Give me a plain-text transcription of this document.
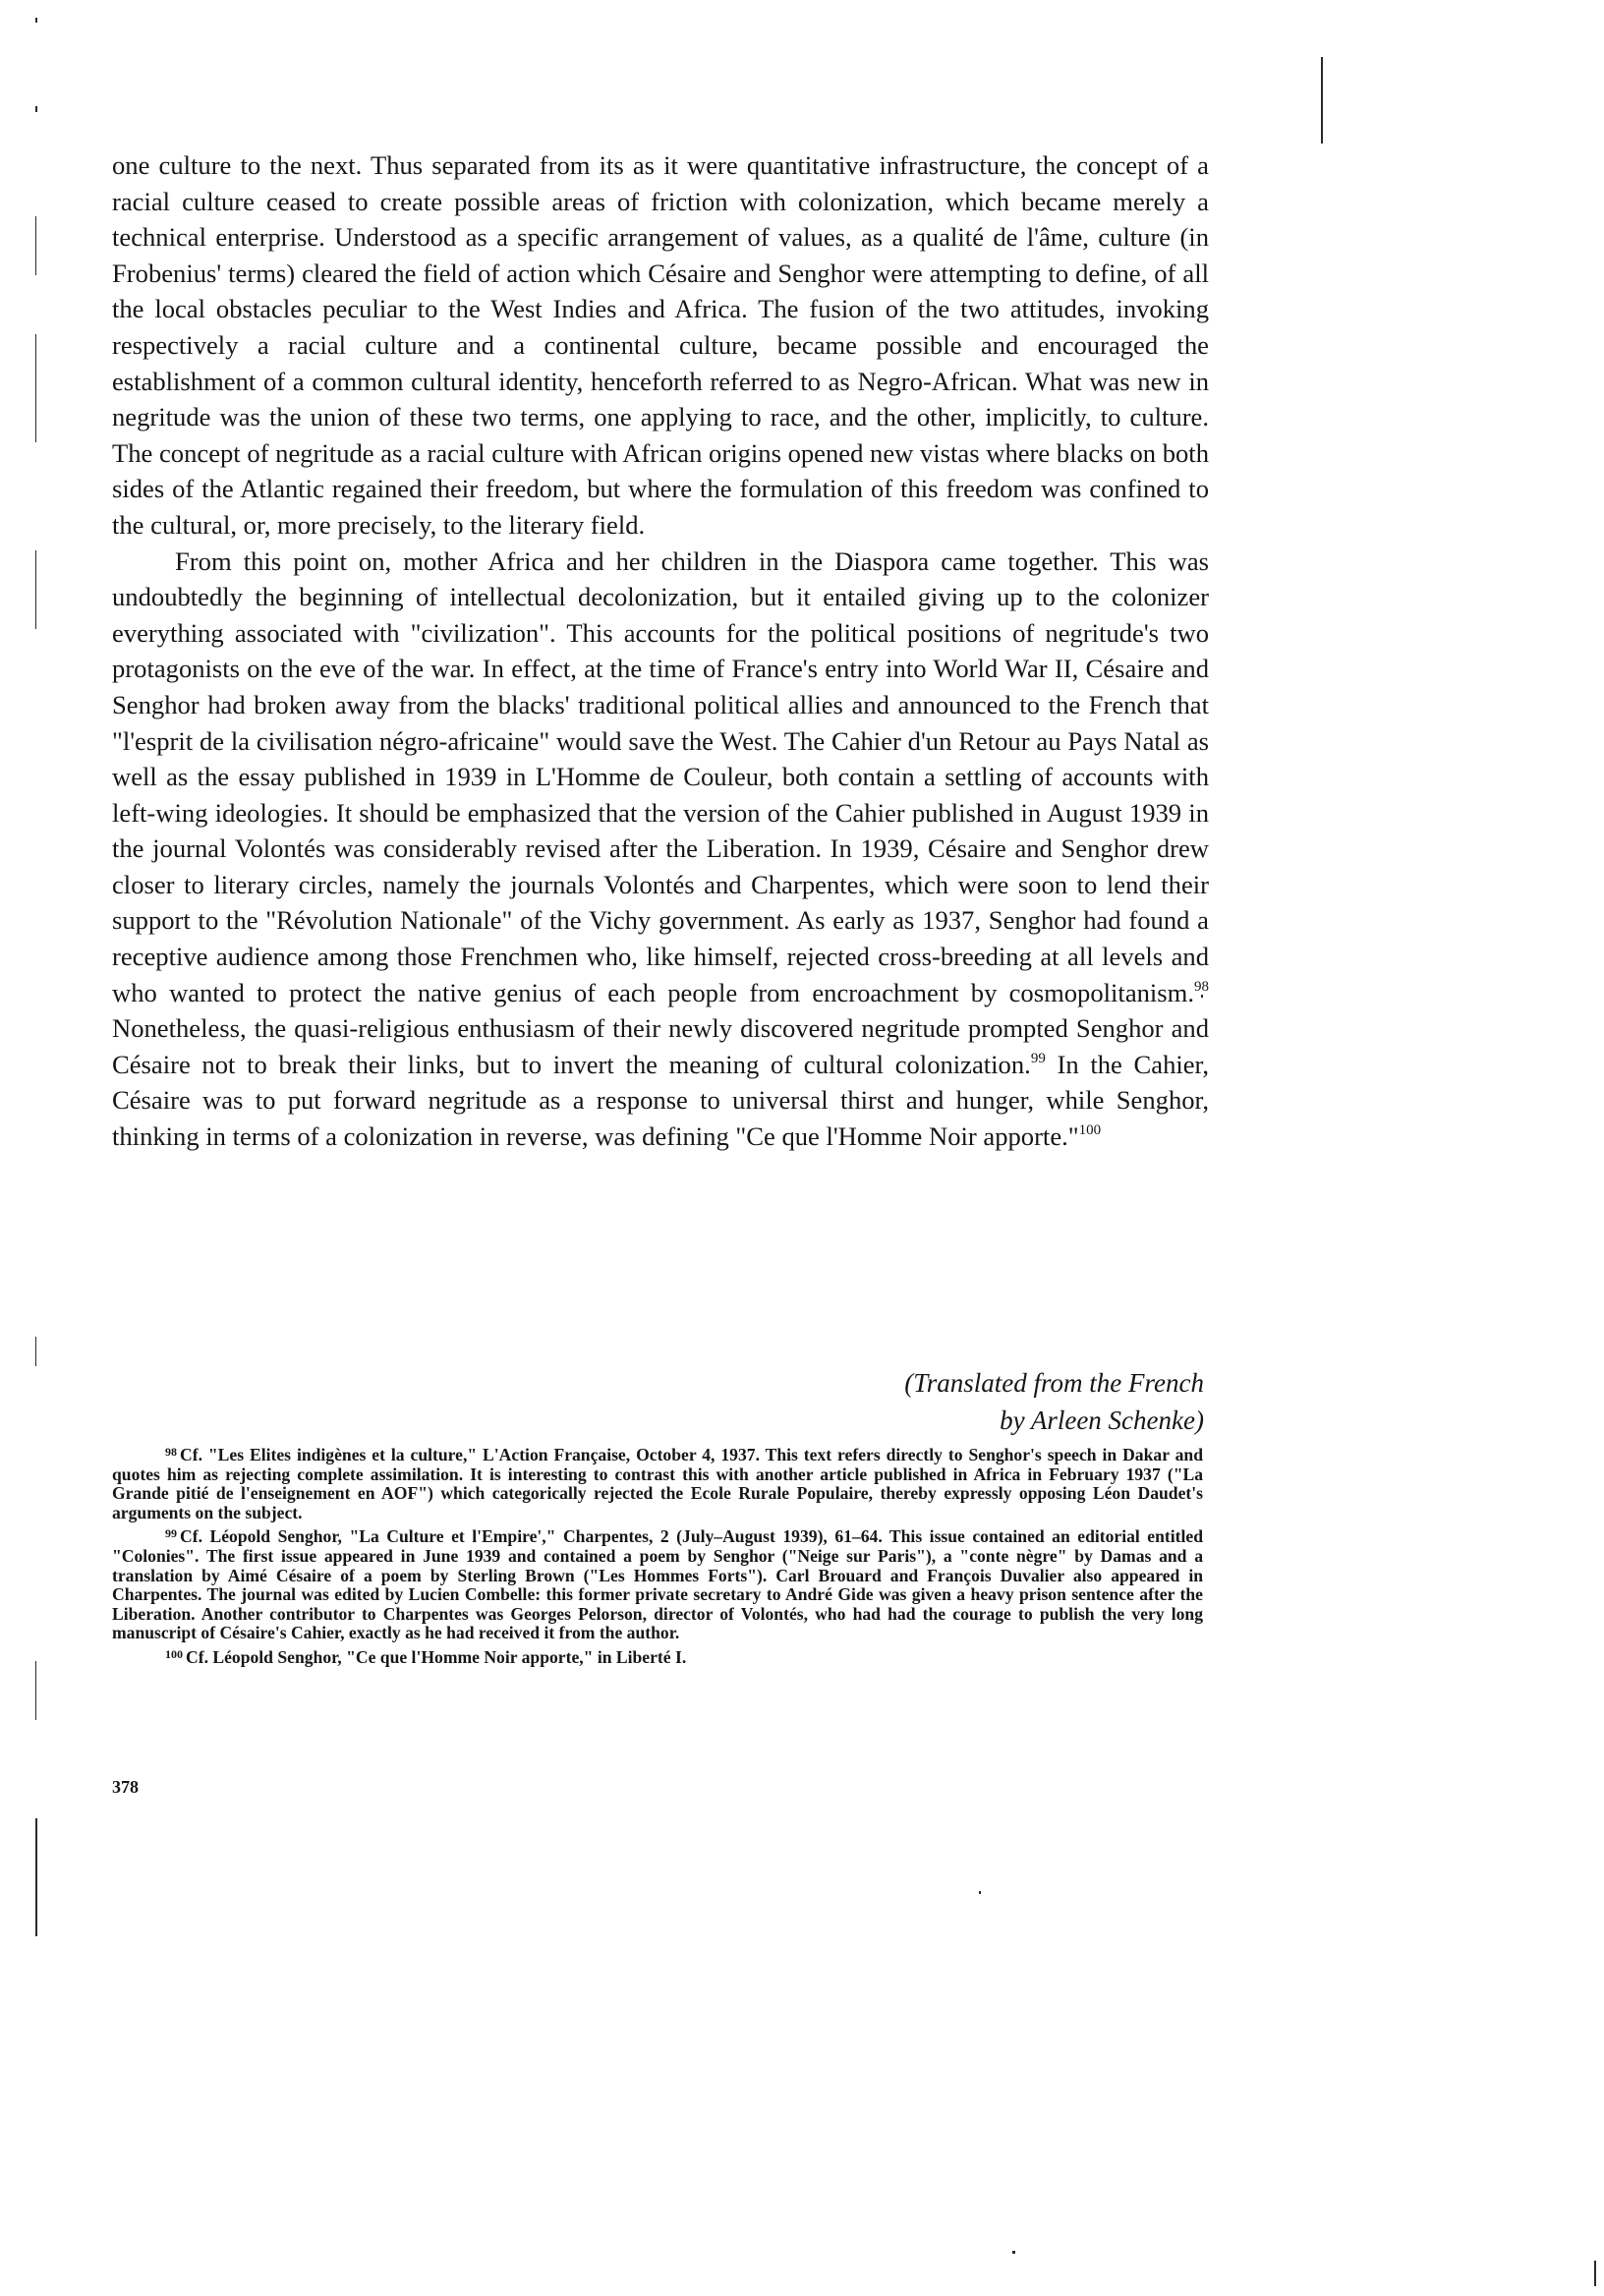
one culture to the next. Thus separated from its as it were quantitative infrastructure, the concept of a racial culture ceased to create possible areas of friction with colonization, which became merely a technical enterprise. Understood as a specific arrangement of values, as a qualité de l'âme, culture (in Frobenius' terms) cleared the field of action which Césaire and Senghor were attempting to define, of all the local obstacles peculiar to the West Indies and Africa. The fusion of the two attitudes, invoking respectively a racial culture and a continental culture, became possible and encouraged the establishment of a common cultural identity, henceforth referred to as Negro-African. What was new in negritude was the union of these two terms, one applying to race, and the other, implicitly, to culture. The concept of negritude as a racial culture with African origins opened new vistas where blacks on both sides of the Atlantic regained their freedom, but where the formulation of this freedom was confined to the cultural, or, more precisely, to the literary field.

From this point on, mother Africa and her children in the Diaspora came together. This was undoubtedly the beginning of intellectual decolonization, but it entailed giving up to the colonizer everything associated with "civilization". This accounts for the political positions of negritude's two protagonists on the eve of the war. In effect, at the time of France's entry into World War II, Césaire and Senghor had broken away from the blacks' traditional political allies and announced to the French that "l'esprit de la civilisation négro-africaine" would save the West. The Cahier d'un Retour au Pays Natal as well as the essay published in 1939 in L'Homme de Couleur, both contain a settling of accounts with left-wing ideologies. It should be emphasized that the version of the Cahier published in August 1939 in the journal Volontés was considerably revised after the Liberation. In 1939, Césaire and Senghor drew closer to literary circles, namely the journals Volontés and Charpentes, which were soon to lend their support to the "Révolution Nationale" of the Vichy government. As early as 1937, Senghor had found a receptive audience among those Frenchmen who, like himself, rejected cross-breeding at all levels and who wanted to protect the native genius of each people from encroachment by cosmopolitanism.$^{98}$ Nonetheless, the quasi-religious enthusiasm of their newly discovered negritude prompted Senghor and Césaire not to break their links, but to invert the meaning of cultural colonization.$^{99}$ In the Cahier, Césaire was to put forward negritude as a response to universal thirst and hunger, while Senghor, thinking in terms of a colonization in reverse, was defining "Ce que l'Homme Noir apporte."$^{100}$

(Translated from the French
by Arleen Schenke)

$^{98}$ Cf. "Les Elites indigènes et la culture," L'Action Française, October 4, 1937. This text refers directly to Senghor's speech in Dakar and quotes him as rejecting complete assimilation. It is interesting to contrast this with another article published in Africa in February 1937 ("La Grande pitié de l'enseignement en AOF") which categorically rejected the Ecole Rurale Populaire, thereby expressly opposing Léon Daudet's arguments on the subject.

$^{99}$ Cf. Léopold Senghor, "La Culture et l'Empire'," Charpentes, 2 (July–August 1939), 61–64. This issue contained an editorial entitled "Colonies". The first issue appeared in June 1939 and contained a poem by Senghor ("Neige sur Paris"), a "conte nègre" by Damas and a translation by Aimé Césaire of a poem by Sterling Brown ("Les Hommes Forts"). Carl Brouard and François Duvalier also appeared in Charpentes. The journal was edited by Lucien Combelle: this former private secretary to André Gide was given a heavy prison sentence after the Liberation. Another contributor to Charpentes was Georges Pelorson, director of Volontés, who had had the courage to publish the very long manuscript of Césaire's Cahier, exactly as he had received it from the author.

$^{100}$ Cf. Léopold Senghor, "Ce que l'Homme Noir apporte," in Liberté I.

378
